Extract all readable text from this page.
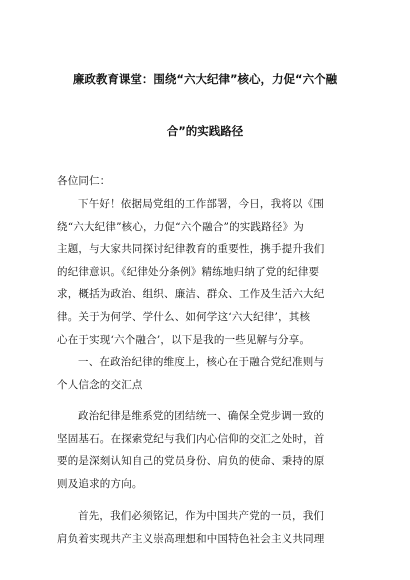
廉政教育课堂：围绕“六大纪律”核心，力促“六个融
合”的实践路径

各位同仁：

下午好！依据局党组的工作部署，今日，我将以《围
绕“六大纪律”核心，力促“六个融合”的实践路径》为
主题，与大家共同探讨纪律教育的重要性，携手提升我们
的纪律意识。《纪律处分条例》精练地归纳了党的纪律要
求，概括为政治、组织、廉洁、群众、工作及生活六大纪
律。关于为何学、学什么、如何学这‘六大纪律’，其核
心在于实现‘六个融合’，以下是我的一些见解与分享。

一、在政治纪律的维度上，核心在于融合党纪准则与
个人信念的交汇点

政治纪律是维系党的团结统一、确保全党步调一致的
坚固基石。在探索党纪与我们内心信仰的交汇之处时，首
要的是深刻认知自己的党员身份、肩负的使命、秉持的原
则及追求的方向。

首先，我们必须铭记，作为中国共产党的一员，我们
肩负着实现共产主义崇高理想和中国特色社会主义共同理
